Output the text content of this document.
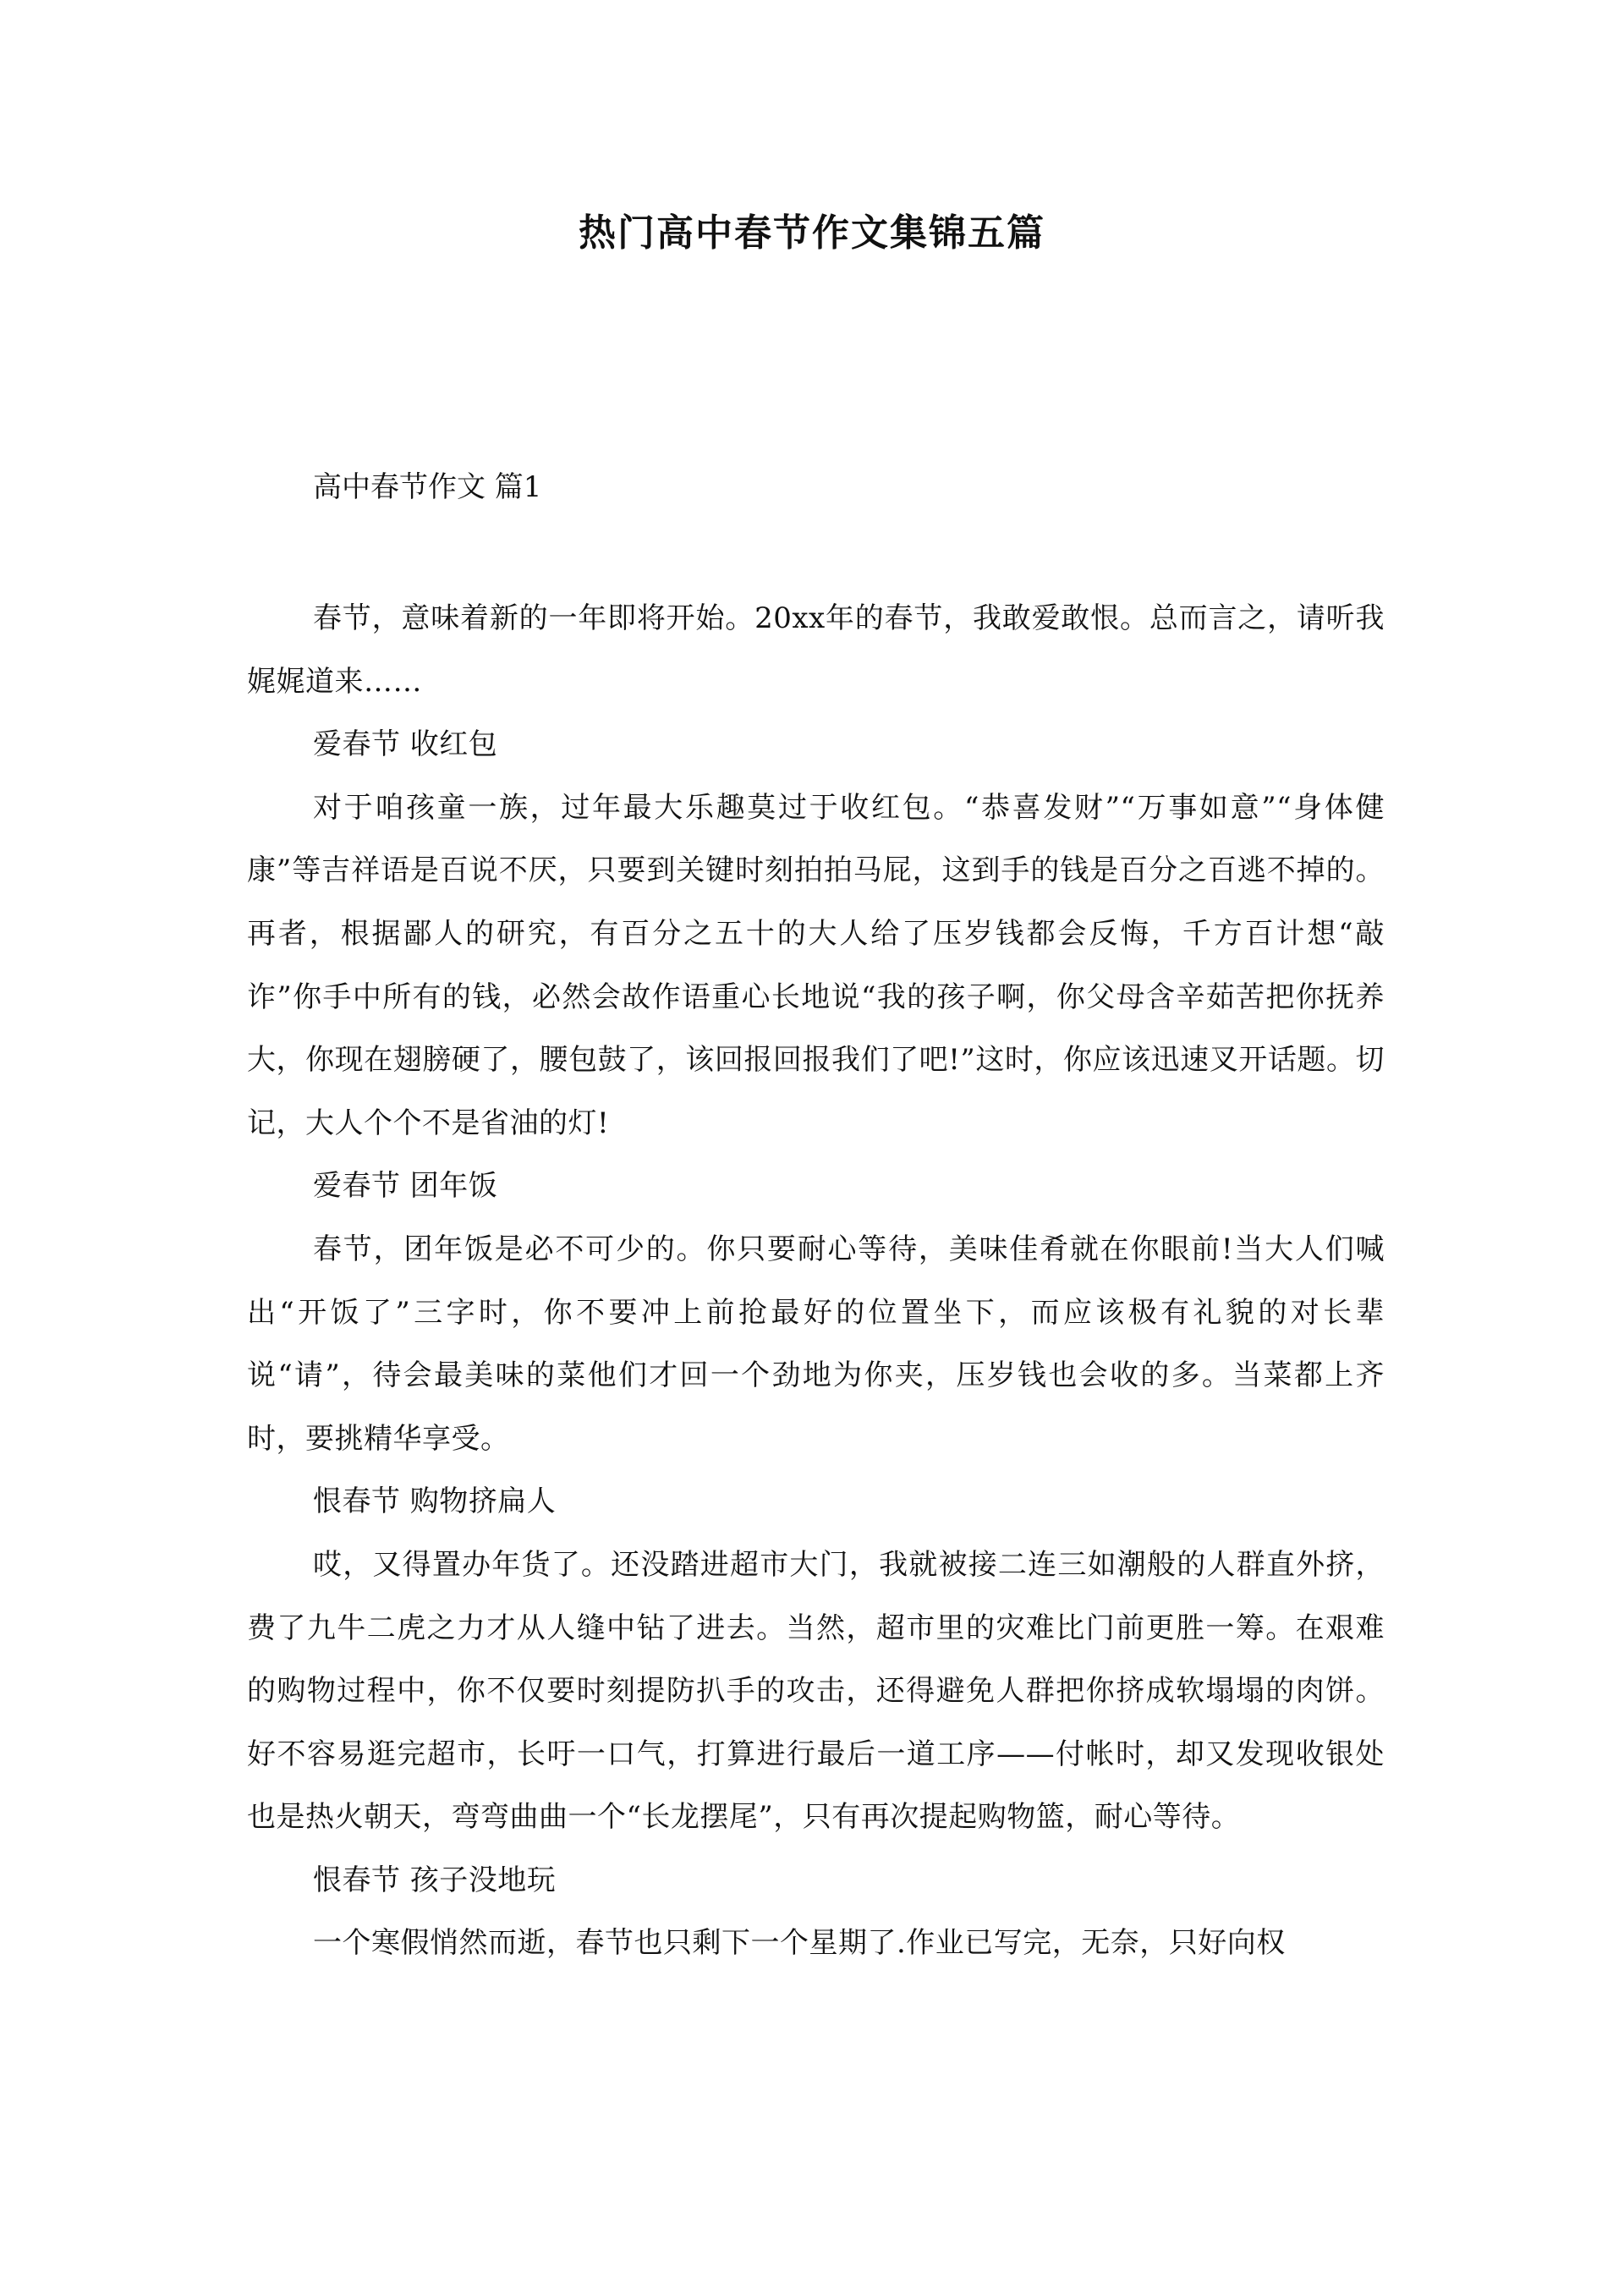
热门高中春节作文集锦五篇
高中春节作文 篇1

春节，意味着新的一年即将开始。20xx年的春节，我敢爱敢恨。总而言之，请听我娓娓道来……

爱春节 收红包

对于咱孩童一族，过年最大乐趣莫过于收红包。“恭喜发财”“万事如意”“身体健康”等吉祥语是百说不厌，只要到关键时刻拍拍马屁，这到手的钱是百分之百逃不掉的。再者，根据鄙人的研究，有百分之五十的大人给了压岁钱都会反悔，千方百计想“敲诈”你手中所有的钱，必然会故作语重心长地说“我的孩子啊，你父母含辛茹苦把你抚养大，你现在翅膀硬了，腰包鼓了，该回报回报我们了吧!”这时，你应该迅速叉开话题。切记，大人个个不是省油的灯!

爱春节 团年饭

春节，团年饭是必不可少的。你只要耐心等待，美味佳肴就在你眼前!当大人们喊出“开饭了”三字时，你不要冲上前抢最好的位置坐下，而应该极有礼貌的对长辈说“请”，待会最美味的菜他们才回一个劲地为你夹，压岁钱也会收的多。当菜都上齐时，要挑精华享受。

恨春节 购物挤扁人

哎，又得置办年货了。还没踏进超市大门，我就被接二连三如潮般的人群直外挤，费了九牛二虎之力才从人缝中钻了进去。当然，超市里的灾难比门前更胜一筹。在艰难的购物过程中，你不仅要时刻提防扒手的攻击，还得避免人群把你挤成软塌塌的肉饼。好不容易逛完超市，长吁一口气，打算进行最后一道工序——付帐时，却又发现收银处也是热火朝天，弯弯曲曲一个“长龙摆尾”，只有再次提起购物篮，耐心等待。

恨春节 孩子没地玩

一个寒假悄然而逝，春节也只剩下一个星期了.作业已写完，无奈，只好向权
